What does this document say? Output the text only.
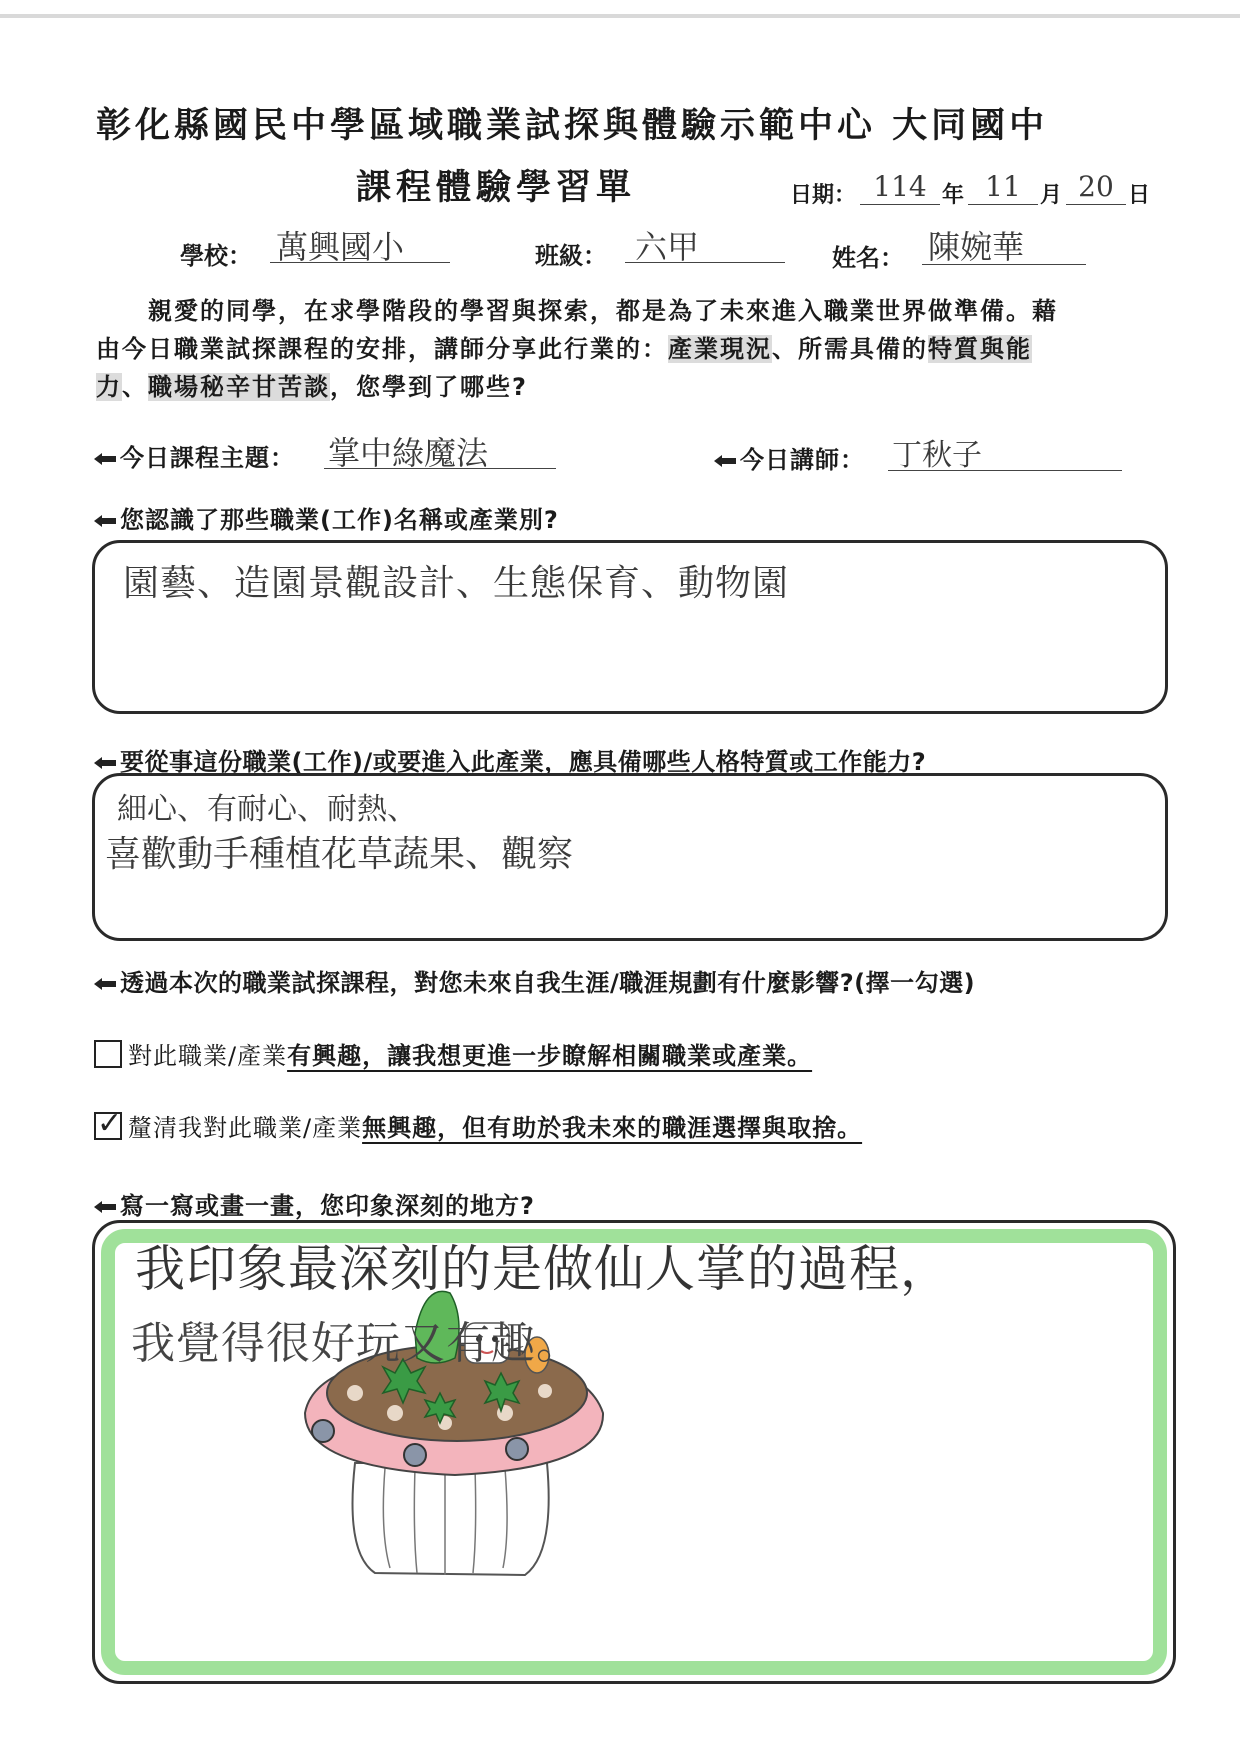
彰化縣國民中學區域職業試探與體驗示範中心 大同國中
課程體驗學習單	日期： 114 年 11 月 20 日
學校： 萬興國小	班級： 六甲	姓名： 陳婉華
親愛的同學，在求學階段的學習與探索，都是為了未來進入職業世界做準備。藉
由今日職業試探課程的安排，講師分享此行業的：產業現況、所需具備的特質與能
力、職場秘辛甘苦談，您學到了哪些?
今日課程主題： 掌中綠魔法	今日講師： 丁秋子
您認識了那些職業(工作)名稱或產業別?
園藝、造園景觀設計、生態保育、動物園
要從事這份職業(工作)/或要進入此產業，應具備哪些人格特質或工作能力?
細心、有耐心、耐熱、
喜歡動手種植花草蔬果、觀察
透過本次的職業試探課程，對您未來自我生涯/職涯規劃有什麼影響?(擇一勾選)
對此職業/產業有興趣，讓我想更進一步瞭解相關職業或產業。
✓ 釐清我對此職業/產業無興趣，但有助於我未來的職涯選擇與取捨。
寫一寫或畫一畫，您印象深刻的地方?
我印象最深刻的是做仙人掌的過程，
我覺得很好玩又有趣。
